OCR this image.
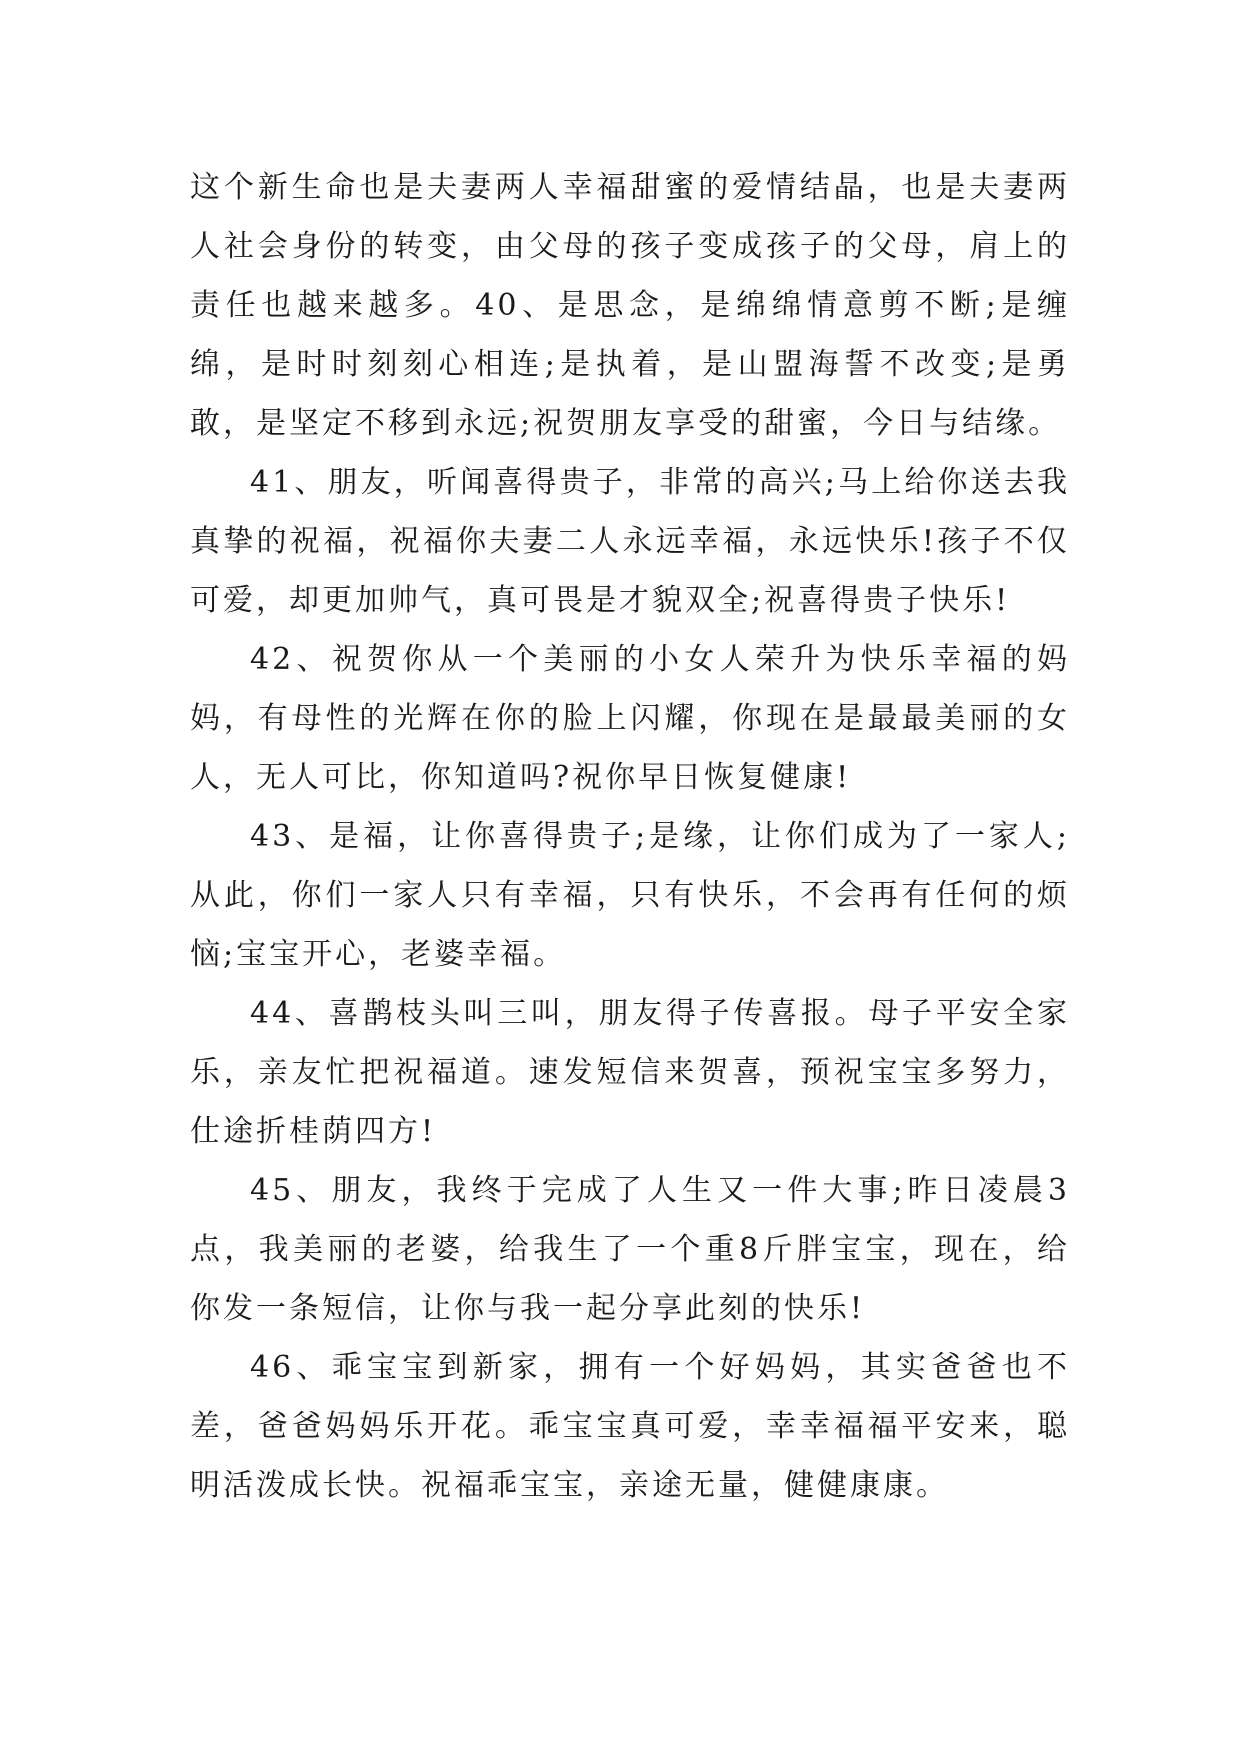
这个新生命也是夫妻两人幸福甜蜜的爱情结晶，也是夫妻两人社会身份的转变，由父母的孩子变成孩子的父母，肩上的责任也越来越多。40、是思念，是绵绵情意剪不断;是缠绵，是时时刻刻心相连;是执着，是山盟海誓不改变;是勇敢，是坚定不移到永远;祝贺朋友享受的甜蜜，今日与结缘。

41、朋友，听闻喜得贵子，非常的高兴;马上给你送去我真挚的祝福，祝福你夫妻二人永远幸福，永远快乐!孩子不仅可爱，却更加帅气，真可畏是才貌双全;祝喜得贵子快乐!

42、祝贺你从一个美丽的小女人荣升为快乐幸福的妈妈，有母性的光辉在你的脸上闪耀，你现在是最最美丽的女人，无人可比，你知道吗?祝你早日恢复健康!

43、是福，让你喜得贵子;是缘，让你们成为了一家人;从此，你们一家人只有幸福，只有快乐，不会再有任何的烦恼;宝宝开心，老婆幸福。

44、喜鹊枝头叫三叫，朋友得子传喜报。母子平安全家乐，亲友忙把祝福道。速发短信来贺喜，预祝宝宝多努力，仕途折桂荫四方!

45、朋友，我终于完成了人生又一件大事;昨日凌晨3点，我美丽的老婆，给我生了一个重8斤胖宝宝，现在，给你发一条短信，让你与我一起分享此刻的快乐!

46、乖宝宝到新家，拥有一个好妈妈，其实爸爸也不差，爸爸妈妈乐开花。乖宝宝真可爱，幸幸福福平安来，聪明活泼成长快。祝福乖宝宝，亲途无量，健健康康。
